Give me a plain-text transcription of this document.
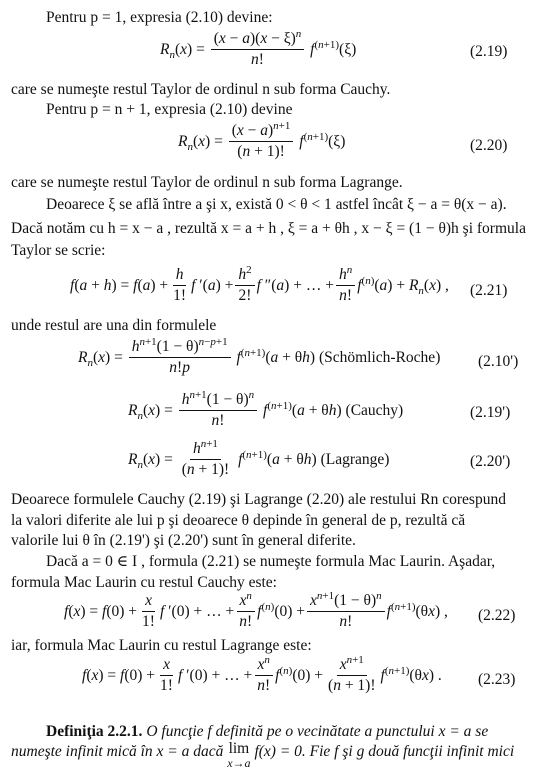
Pentru p = 1, expresia (2.10) devine:
$R_n$ ( x ) = $\frac{(x - a)(x - \xi)^n}{n!} f^{(n+1)}(\xi)$	(2.19)
care se numeşte restul Taylor de ordinul n sub forma Cauchy.
Pentru p = n + 1, expresia (2.10) devine
$R_n$ ( x ) = $\frac{(x - a)^{n+1}}{(n + 1)!} f^{(n+1)}(\xi)$	(2.20)
care se numeşte restul Taylor de ordinul n sub forma Lagrange.
Deoarece ξ se află între a şi x, există 0 < θ < 1 astfel încât ξ − a = θ(x − a).
Dacă notăm cu h = x − a , rezultă x = a + h , ξ = a + θh , x − ξ = (1 − θ)h şi formula
Taylor se scrie:
$f(a + h) = f(a) + \frac{h}{1!}$ f $'(a) + \frac{h^2}{2!}$ f ″(a) + … + $\frac{h^n}{n!} f^{(n)}(a) + R_n(x)$ , (2.21)
unde restul are una din formulele
$R_n$ ( x ) = $\frac{h^{n+1}(1 - \theta)^{n-p+1}}{n!p} f^{(n+1)}(a + \theta h)$ (Schömlich-Roche) (2.10')
$R_n$ ( x ) = $\frac{h^{n+1}(1 - \theta)^n}{n!} f^{(n+1)}(a + \theta h)$ (Cauchy)	(2.19')
$R_n$ ( x ) = $\frac{h^{n+1}}{(n + 1)!} f^{(n+1)}(a + \theta h)$ (Lagrange)	(2.20')
Deoarece formulele Cauchy (2.19) şi Lagrange (2.20) ale restului Rn corespund
la valori diferite ale lui p şi deoarece θ depinde în general de p, rezultă că
valorile lui θ în (2.19') şi (2.20') sunt în general diferite.
Dacă a = 0 ∈ I , formula (2.21) se numeşte formula Mac Laurin. Aşadar,
formula Mac Laurin cu restul Cauchy este:
$f(x) = f(0) + \frac{x}{1!}$ f ′(0) + … + $\frac{x^n}{n!} f^{(n)}(0) + \frac{x^{n+1}(1 - \theta)^n}{n!} f^{(n+1)}(\theta x)$ , (2.22)
iar, formula Mac Laurin cu restul Lagrange este:
$f(x) = f(0) + \frac{x}{1!}$ f ′(0) + … + $\frac{x^n}{n!} f^{(n)}(0) + \frac{x^{n+1}}{(n + 1)!} f^{(n+1)}(\theta x)$ . (2.23)
Definiţia 2.2.1. O funcţie f definită pe o vecinătate a punctului x = a se
numeşte infinit mică în x = a dacă lim
x→a
f(x) = 0. Fie f şi g două funcţii infinit mici
